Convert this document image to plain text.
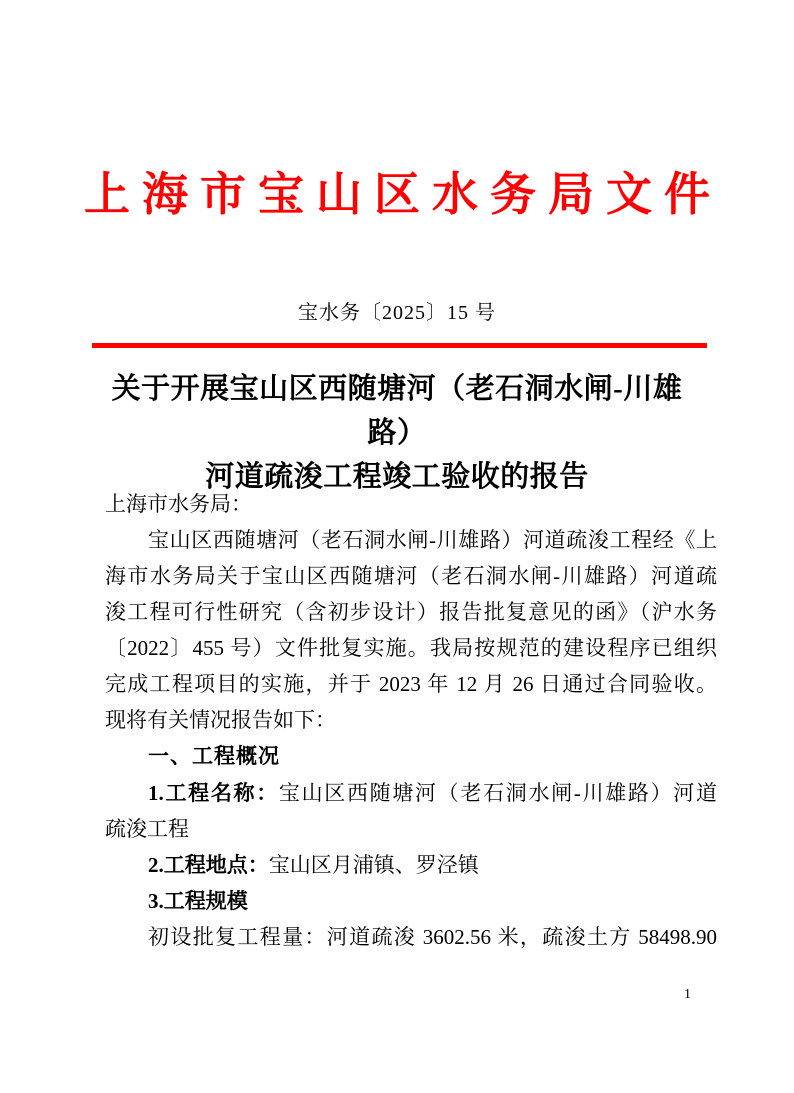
上海市宝山区水务局文件
宝水务〔2025〕15 号
关于开展宝山区西随塘河（老石洞水闸-川雄路）
河道疏浚工程竣工验收的报告
上海市水务局：
宝山区西随塘河（老石洞水闸-川雄路）河道疏浚工程经《上
海市水务局关于宝山区西随塘河（老石洞水闸-川雄路）河道疏
浚工程可行性研究（含初步设计）报告批复意见的函》（沪水务
〔2022〕455 号）文件批复实施。我局按规范的建设程序已组织
完成工程项目的实施，并于 2023 年 12 月 26 日通过合同验收。
现将有关情况报告如下：
一、工程概况
1.工程名称：宝山区西随塘河（老石洞水闸-川雄路）河道
疏浚工程
2.工程地点：宝山区月浦镇、罗泾镇
3.工程规模
初设批复工程量：河道疏浚 3602.56 米，疏浚土方 58498.90
1
